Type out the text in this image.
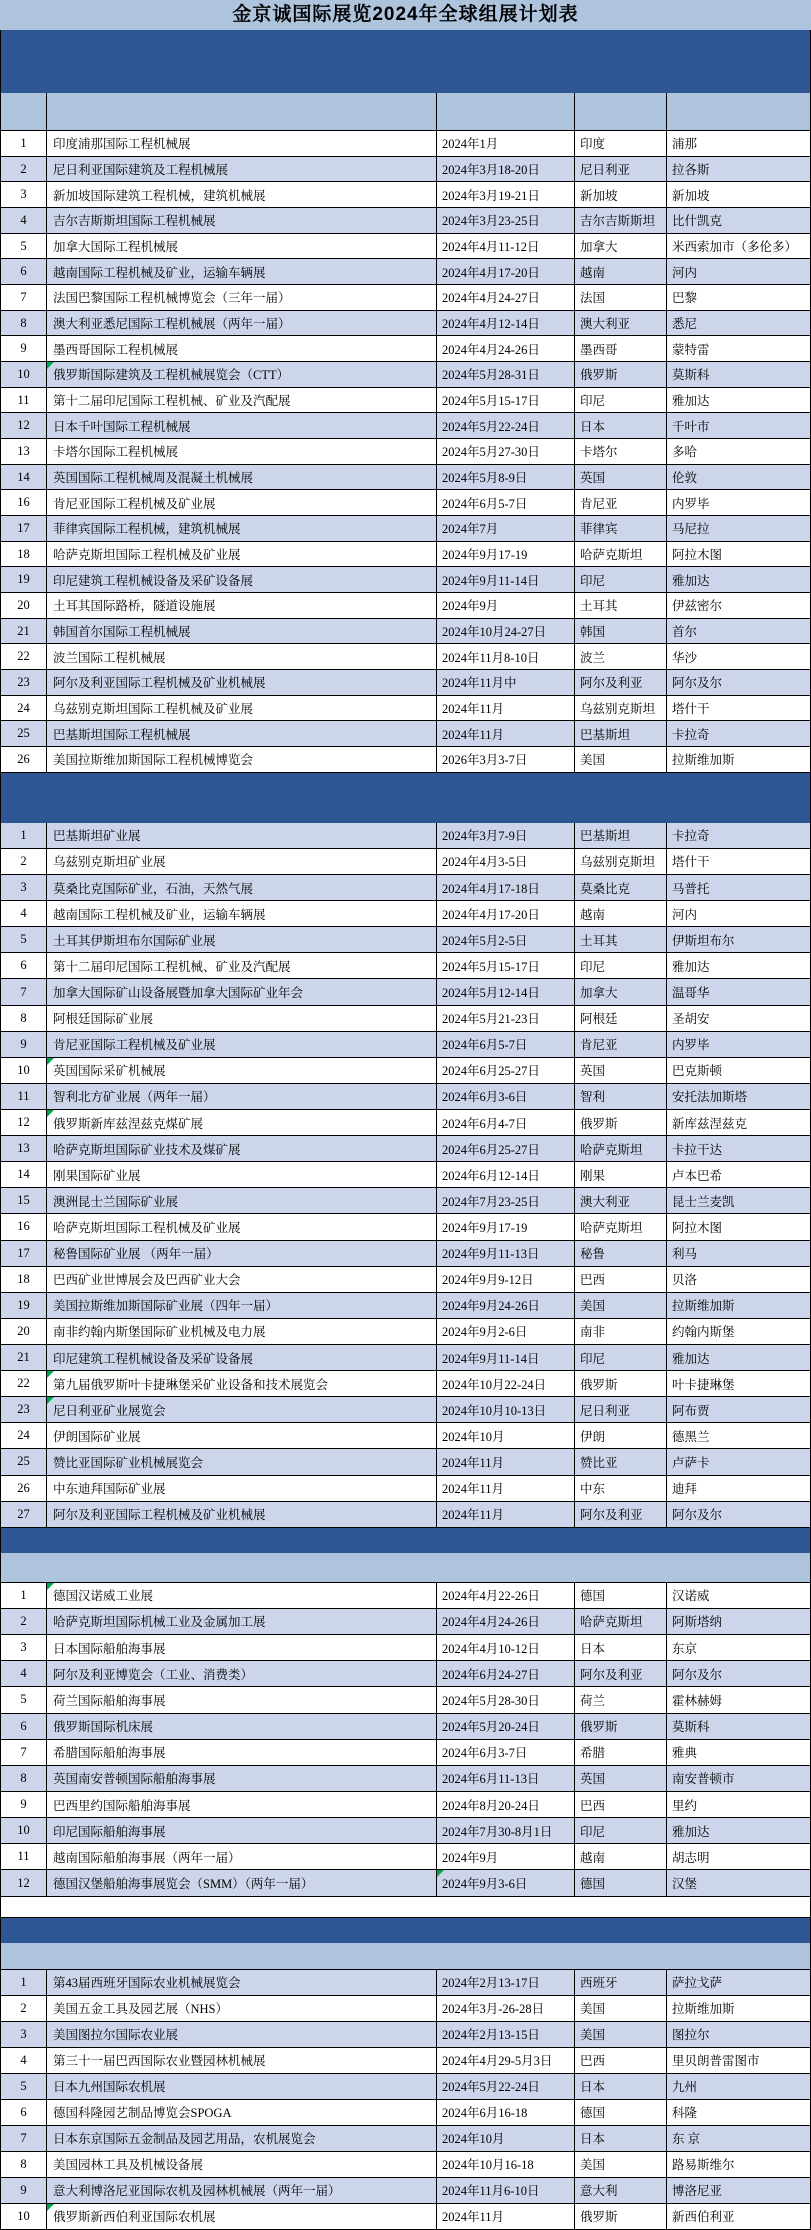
金京诚国际展览2024年全球组展计划表
1 印度浦那国际工程机械展	2024年1月	印度	浦那
2 尼日利亚国际建筑及工程机械展	2024年3月18-20日	尼日利亚	拉各斯
3 新加坡国际建筑工程机械，建筑机械展	2024年3月19-21日	新加坡	新加坡
4 吉尔吉斯斯坦国际工程机械展	2024年3月23-25日	吉尔吉斯斯坦 比什凯克
5 加拿大国际工程机械展	2024年4月11-12日	加拿大	米西索加市（多伦多）
6 越南国际工程机械及矿业，运输车辆展	2024年4月17-20日	越南	河内
7 法国巴黎国际工程机械博览会（三年一届）	2024年4月24-27日	法国	巴黎
8 澳大利亚悉尼国际工程机械展（两年一届）	2024年4月12-14日	澳大利亚	悉尼
9 墨西哥国际工程机械展	2024年4月24-26日	墨西哥	蒙特雷
10 俄罗斯国际建筑及工程机械展览会（CTT）	2024年5月28-31日	俄罗斯	莫斯科
11 第十二届印尼国际工程机械、矿业及汽配展	2024年5月15-17日	印尼	雅加达
12 日本千叶国际工程机械展	2024年5月22-24日	日本	千叶市
13 卡塔尔国际工程机械展	2024年5月27-30日	卡塔尔	多哈
14 英国国际工程机械周及混凝土机械展	2024年5月8-9日	英国	伦敦
16 肯尼亚国际工程机械及矿业展	2024年6月5-7日	肯尼亚	内罗毕
17 菲律宾国际工程机械，建筑机械展	2024年7月	菲律宾	马尼拉
18 哈萨克斯坦国际工程机械及矿业展	2024年9月17-19	哈萨克斯坦 阿拉木图
19 印尼建筑工程机械设备及采矿设备展	2024年9月11-14日	印尼	雅加达
20 土耳其国际路桥，隧道设施展	2024年9月	土耳其	伊兹密尔
21 韩国首尔国际工程机械展	2024年10月24-27日	韩国	首尔
22 波兰国际工程机械展	2024年11月8-10日	波兰	华沙
23 阿尔及利亚国际工程机械及矿业机械展	2024年11月中	阿尔及利亚 阿尔及尔
24 乌兹别克斯坦国际工程机械及矿业展	2024年11月	乌兹别克斯坦 塔什干
25 巴基斯坦国际工程机械展	2024年11月	巴基斯坦	卡拉奇
26 美国拉斯维加斯国际工程机械博览会	2026年3月3-7日	美国	拉斯维加斯
1 巴基斯坦矿业展	2024年3月7-9日	巴基斯坦	卡拉奇
2 乌兹别克斯坦矿业展	2024年4月3-5日	乌兹别克斯坦 塔什干
3 莫桑比克国际矿业，石油，天然气展	2024年4月17-18日	莫桑比克	马普托
4 越南国际工程机械及矿业，运输车辆展	2024年4月17-20日	越南	河内
5 土耳其伊斯坦布尔国际矿业展	2024年5月2-5日	土耳其	伊斯坦布尔
6 第十二届印尼国际工程机械、矿业及汽配展	2024年5月15-17日	印尼	雅加达
7 加拿大国际矿山设备展暨加拿大国际矿业年会	2024年5月12-14日	加拿大	温哥华
8 阿根廷国际矿业展	2024年5月21-23日	阿根廷	圣胡安
9 肯尼亚国际工程机械及矿业展	2024年6月5-7日	肯尼亚	内罗毕
10 英国国际采矿机械展	2024年6月25-27日	英国	巴克斯顿
11 智利北方矿业展（两年一届）	2024年6月3-6日	智利	安托法加斯塔
12 俄罗斯新库兹涅兹克煤矿展	2024年6月4-7日	俄罗斯	新库兹涅兹克
13 哈萨克斯坦国际矿业技术及煤矿展	2024年6月25-27日	哈萨克斯坦 卡拉干达
14 刚果国际矿业展	2024年6月12-14日	刚果	卢本巴希
15 澳洲昆士兰国际矿业展	2024年7月23-25日	澳大利亚	昆士兰麦凯
16 哈萨克斯坦国际工程机械及矿业展	2024年9月17-19	哈萨克斯坦 阿拉木图
17 秘鲁国际矿业展 （两年一届）	2024年9月11-13日	秘鲁	利马
18 巴西矿业世博展会及巴西矿业大会	2024年9月9-12日	巴西	贝洛
19 美国拉斯维加斯国际矿业展（四年一届）	2024年9月24-26日	美国	拉斯维加斯
20 南非约翰内斯堡国际矿业机械及电力展	2024年9月2-6日	南非	约翰内斯堡
21 印尼建筑工程机械设备及采矿设备展	2024年9月11-14日	印尼	雅加达
22 第九届俄罗斯叶卡捷琳堡采矿业设备和技术展览会	2024年10月22-24日	俄罗斯	叶卡捷琳堡
23 尼日利亚矿业展览会	2024年10月10-13日	尼日利亚	阿布贾
24 伊朗国际矿业展	2024年10月	伊朗	德黑兰
25 赞比亚国际矿业机械展览会	2024年11月	赞比亚	卢萨卡
26 中东迪拜国际矿业展	2024年11月	中东	迪拜
27 阿尔及利亚国际工程机械及矿业机械展	2024年11月	阿尔及利亚 阿尔及尔
1 德国汉诺威工业展	2024年4月22-26日	德国	汉诺威
2 哈萨克斯坦国际机械工业及金属加工展	2024年4月24-26日	哈萨克斯坦 阿斯塔纳
3 日本国际船舶海事展	2024年4月10-12日	日本	东京
4 阿尔及利亚博览会（工业、消费类）	2024年6月24-27日	阿尔及利亚 阿尔及尔
5 荷兰国际船舶海事展	2024年5月28-30日	荷兰	霍林赫姆
6 俄罗斯国际机床展	2024年5月20-24日	俄罗斯	莫斯科
7 希腊国际船舶海事展	2024年6月3-7日	希腊	雅典
8 英国南安普顿国际船舶海事展	2024年6月11-13日	英国	南安普顿市
9 巴西里约国际船舶海事展	2024年8月20-24日	巴西	里约
10 印尼国际船舶海事展	2024年7月30-8月1日 印尼	雅加达
11 越南国际船舶海事展（两年一届）	2024年9月	越南	胡志明
12 德国汉堡船舶海事展览会（SMM）（两年一届）	2024年9月3-6日	德国	汉堡
1 第43届西班牙国际农业机械展览会	2024年2月13-17日	西班牙	萨拉戈萨
2 美国五金工具及园艺展（NHS）	2024年3月-26-28日	美国	拉斯维加斯
3 美国图拉尔国际农业展	2024年2月13-15日	美国	图拉尔
4 第三十一届巴西国际农业暨园林机械展	2024年4月29-5月3日 巴西	里贝朗普雷图市
5 日本九州国际农机展	2024年5月22-24日	日本	九州
6 德国科隆园艺制品博览会SPOGA	2024年6月16-18	德国	科隆
7 日本东京国际五金制品及园艺用品，农机展览会	2024年10月	日本	东 京
8 美国园林工具及机械设备展	2024年10月16-18	美国	路易斯维尔
9 意大利博洛尼亚国际农机及园林机械展（两年一届）	2024年11月6-10日	意大利	博洛尼亚
10 俄罗斯新西伯利亚国际农机展	2024年11月	俄罗斯	新西伯利亚
